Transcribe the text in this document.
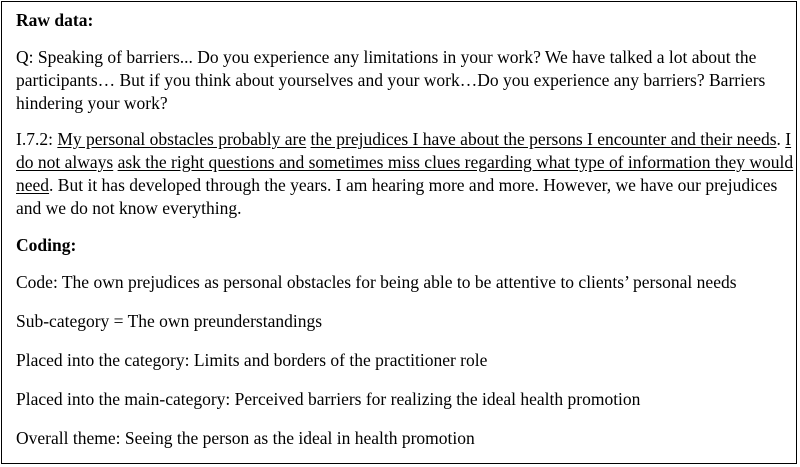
Raw data:
Q: Speaking of barriers... Do you experience any limitations in your work? We have talked a lot about the participants… But if you think about yourselves and your work…Do you experience any barriers? Barriers hindering your work?
I.7.2: My personal obstacles probably are the prejudices I have about the persons I encounter and their needs. I do not always ask the right questions and sometimes miss clues regarding what type of information they would need. But it has developed through the years. I am hearing more and more. However, we have our prejudices and we do not know everything.
Coding:
Code: The own prejudices as personal obstacles for being able to be attentive to clients’ personal needs
Sub-category = The own preunderstandings
Placed into the category: Limits and borders of the practitioner role
Placed into the main-category: Perceived barriers for realizing the ideal health promotion
Overall theme: Seeing the person as the ideal in health promotion
